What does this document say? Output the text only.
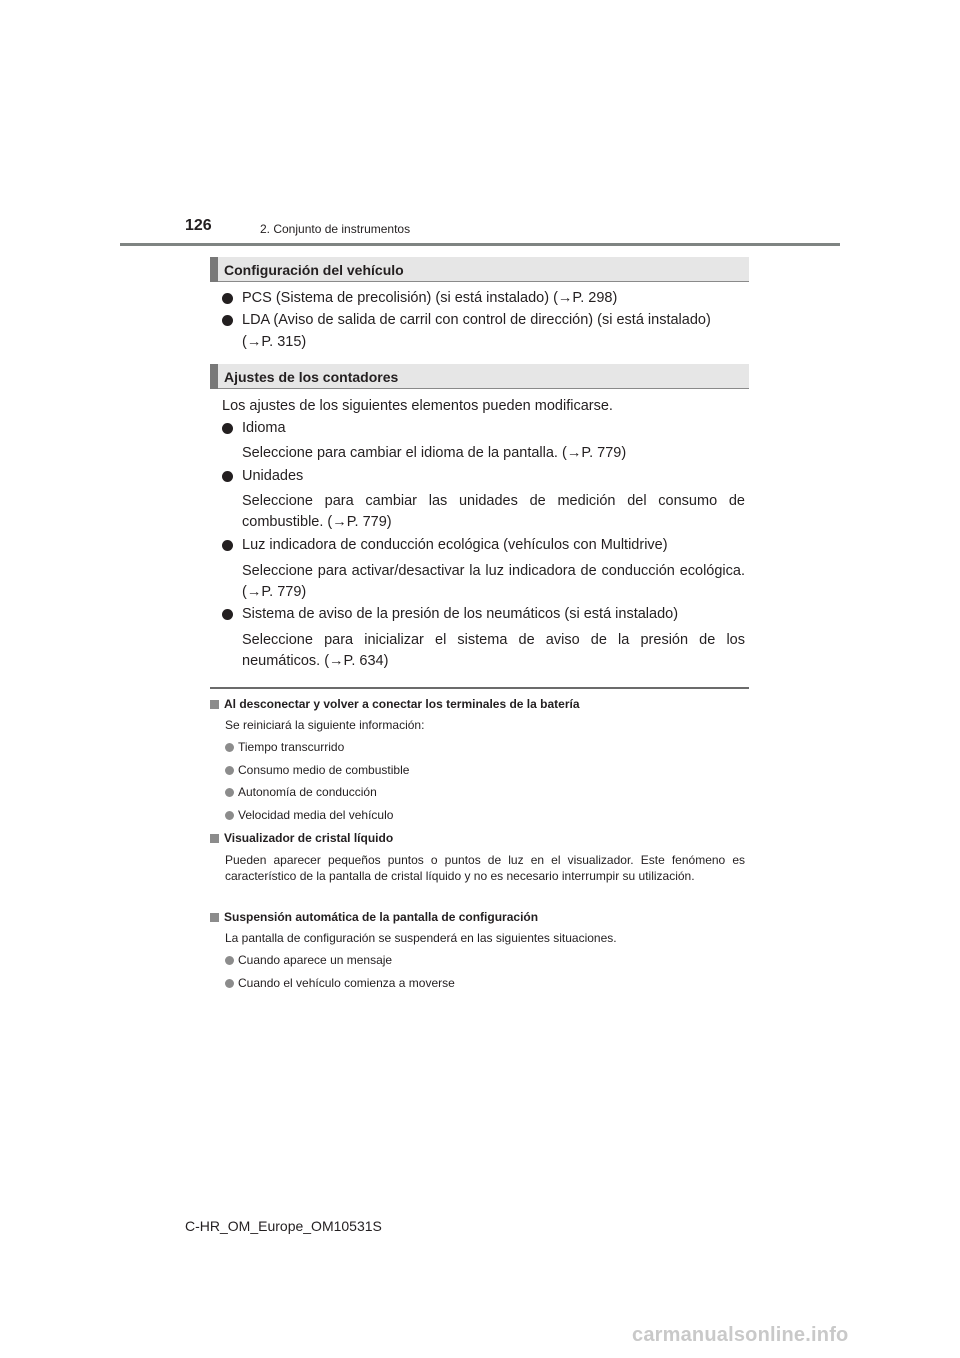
126	2. Conjunto de instrumentos
Configuración del vehículo
PCS (Sistema de precolisión) (si está instalado) (→P. 298)
LDA (Aviso de salida de carril con control de dirección) (si está instalado)
(→P. 315)
Ajustes de los contadores
Los ajustes de los siguientes elementos pueden modificarse.
Idioma
Seleccione para cambiar el idioma de la pantalla. (→P. 779)
Unidades
Seleccione para cambiar las unidades de medición del consumo de combustible. (→P. 779)
Luz indicadora de conducción ecológica (vehículos con Multidrive)
Seleccione para activar/desactivar la luz indicadora de conducción ecológica. (→P. 779)
Sistema de aviso de la presión de los neumáticos (si está instalado)
Seleccione para inicializar el sistema de aviso de la presión de los neumáticos. (→P. 634)
Al desconectar y volver a conectar los terminales de la batería
Se reiniciará la siguiente información:
Tiempo transcurrido
Consumo medio de combustible
Autonomía de conducción
Velocidad media del vehículo
Visualizador de cristal líquido
Pueden aparecer pequeños puntos o puntos de luz en el visualizador. Este fenómeno es característico de la pantalla de cristal líquido y no es necesario interrumpir su utilización.
Suspensión automática de la pantalla de configuración
La pantalla de configuración se suspenderá en las siguientes situaciones.
Cuando aparece un mensaje
Cuando el vehículo comienza a moverse
C-HR_OM_Europe_OM10531S
carmanualsonline.info
